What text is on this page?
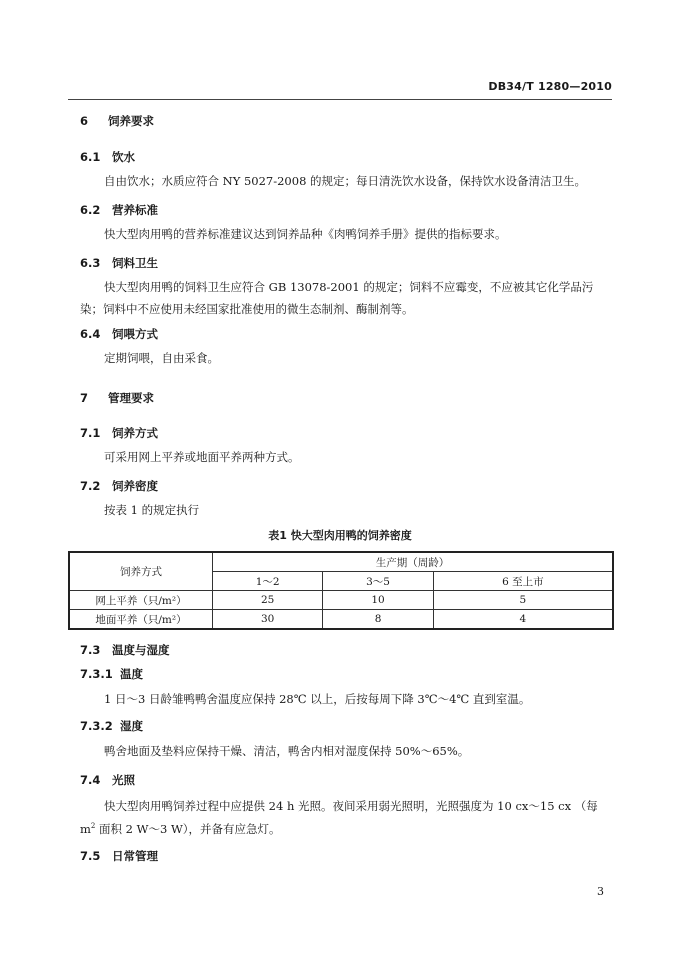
DB34/T 1280—2010
6 饲养要求
6.1 饮水
自由饮水；水质应符合 NY 5027-2008 的规定；每日清洗饮水设备，保持饮水设备清洁卫生。
6.2 营养标准
快大型肉用鸭的营养标准建议达到饲养品种《肉鸭饲养手册》提供的指标要求。
6.3 饲料卫生
快大型肉用鸭的饲料卫生应符合 GB 13078-2001 的规定；饲料不应霉变，不应被其它化学品污染；饲料中不应使用未经国家批准使用的微生态制剂、酶制剂等。
6.4 饲喂方式
定期饲喂，自由采食。
7 管理要求
7.1 饲养方式
可采用网上平养或地面平养两种方式。
7.2 饲养密度
按表 1 的规定执行
表1 快大型肉用鸭的饲养密度
饲养方式	生产期（周龄）		
	1～2	3～5	6 至上市
网上平养（只/m²）	25	10	5
地面平养（只/m²）	30	8	4
7.3 温度与湿度
7.3.1 温度
1 日～3 日龄雏鸭鸭舍温度应保持 28℃ 以上，后按每周下降 3℃～4℃ 直到室温。
7.3.2 湿度
鸭舍地面及垫料应保持干燥、清洁，鸭舍内相对湿度保持 50%～65%。
7.4 光照
快大型肉用鸭饲养过程中应提供 24 h 光照。夜间采用弱光照明，光照强度为 10 cx～15 cx （每
$m^2$ 面积 2 W～3 W），并备有应急灯。
7.5 日常管理
3
